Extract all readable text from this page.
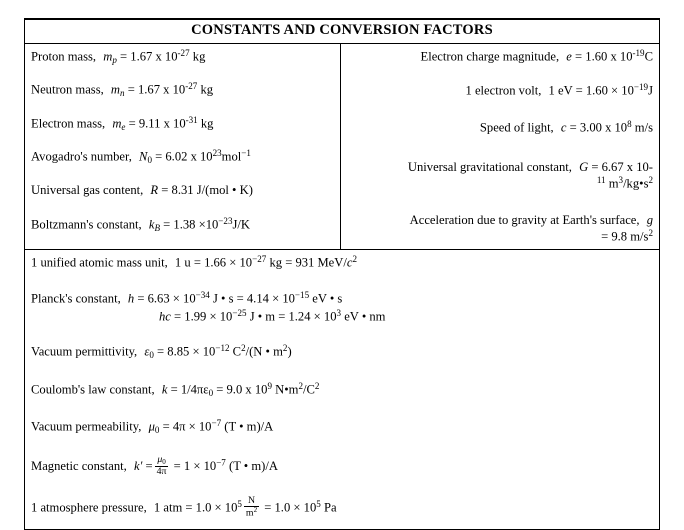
CONSTANTS AND CONVERSION FACTORS
Proton mass, $m_p = 1.67$ x $10^{-27}$ kg
Neutron mass, $m_n = 1.67$ x $10^{-27}$ kg
Electron mass, $m_e = 9.11$ x $10^{-31}$ kg
Avogadro's number, $N_0 = 6.02$ x $10^{23}mol^{-1}$
Universal gas content, R = 8.31 J/(mol • K)
Boltzmann's constant, $k_B = 1.38 \times 10^{-23}J/K$
Electron charge magnitude, e = 1.60 x $10^{-19}C$
1 electron volt, 1 eV = $1.60 \times 10^{-19}J$
Speed of light, c = 3.00 x $10^8$ m/s
Universal gravitational constant, G = 6.67 x 10-
$^{11}$ $m^3/kg•s^2$
Acceleration due to gravity at Earth's surface, g
= 9.8 $m/s^2$
1 unified atomic mass unit, 1 $u = 1.66 \times 10^{-27}$ kg = 931 MeV/$c^2$
Planck's constant, $h = 6.63 \times 10^{-34}$ J • $s = 4.14 \times 10^{-15}$ eV • s
hc = $1.99 \times 10^{-25}$ J • $m = 1.24 \times 10^3$ eV • nm
Vacuum permittivity, $\varepsilon_0 = 8.85 \times 10^{-12}$ $C^2/(N$ • $m^2$)
Coulomb's law constant, $k = 1/4\pi\varepsilon_0 = 9.0$ x $10^9$ $N•m^2/C^2$
Vacuum permeability, $\mu_0 = 4\pi \times 10^{-7}$ (T • m)/A
Magnetic constant, $k' = \frac{\mu_0}{4\pi} = 1 \times 10^{-7}$ (T • m)/A
1 atmosphere pressure, 1 atm = $1.0 \times 10^5 \frac{N}{m^2} = 1.0 \times 10^5$ Pa
